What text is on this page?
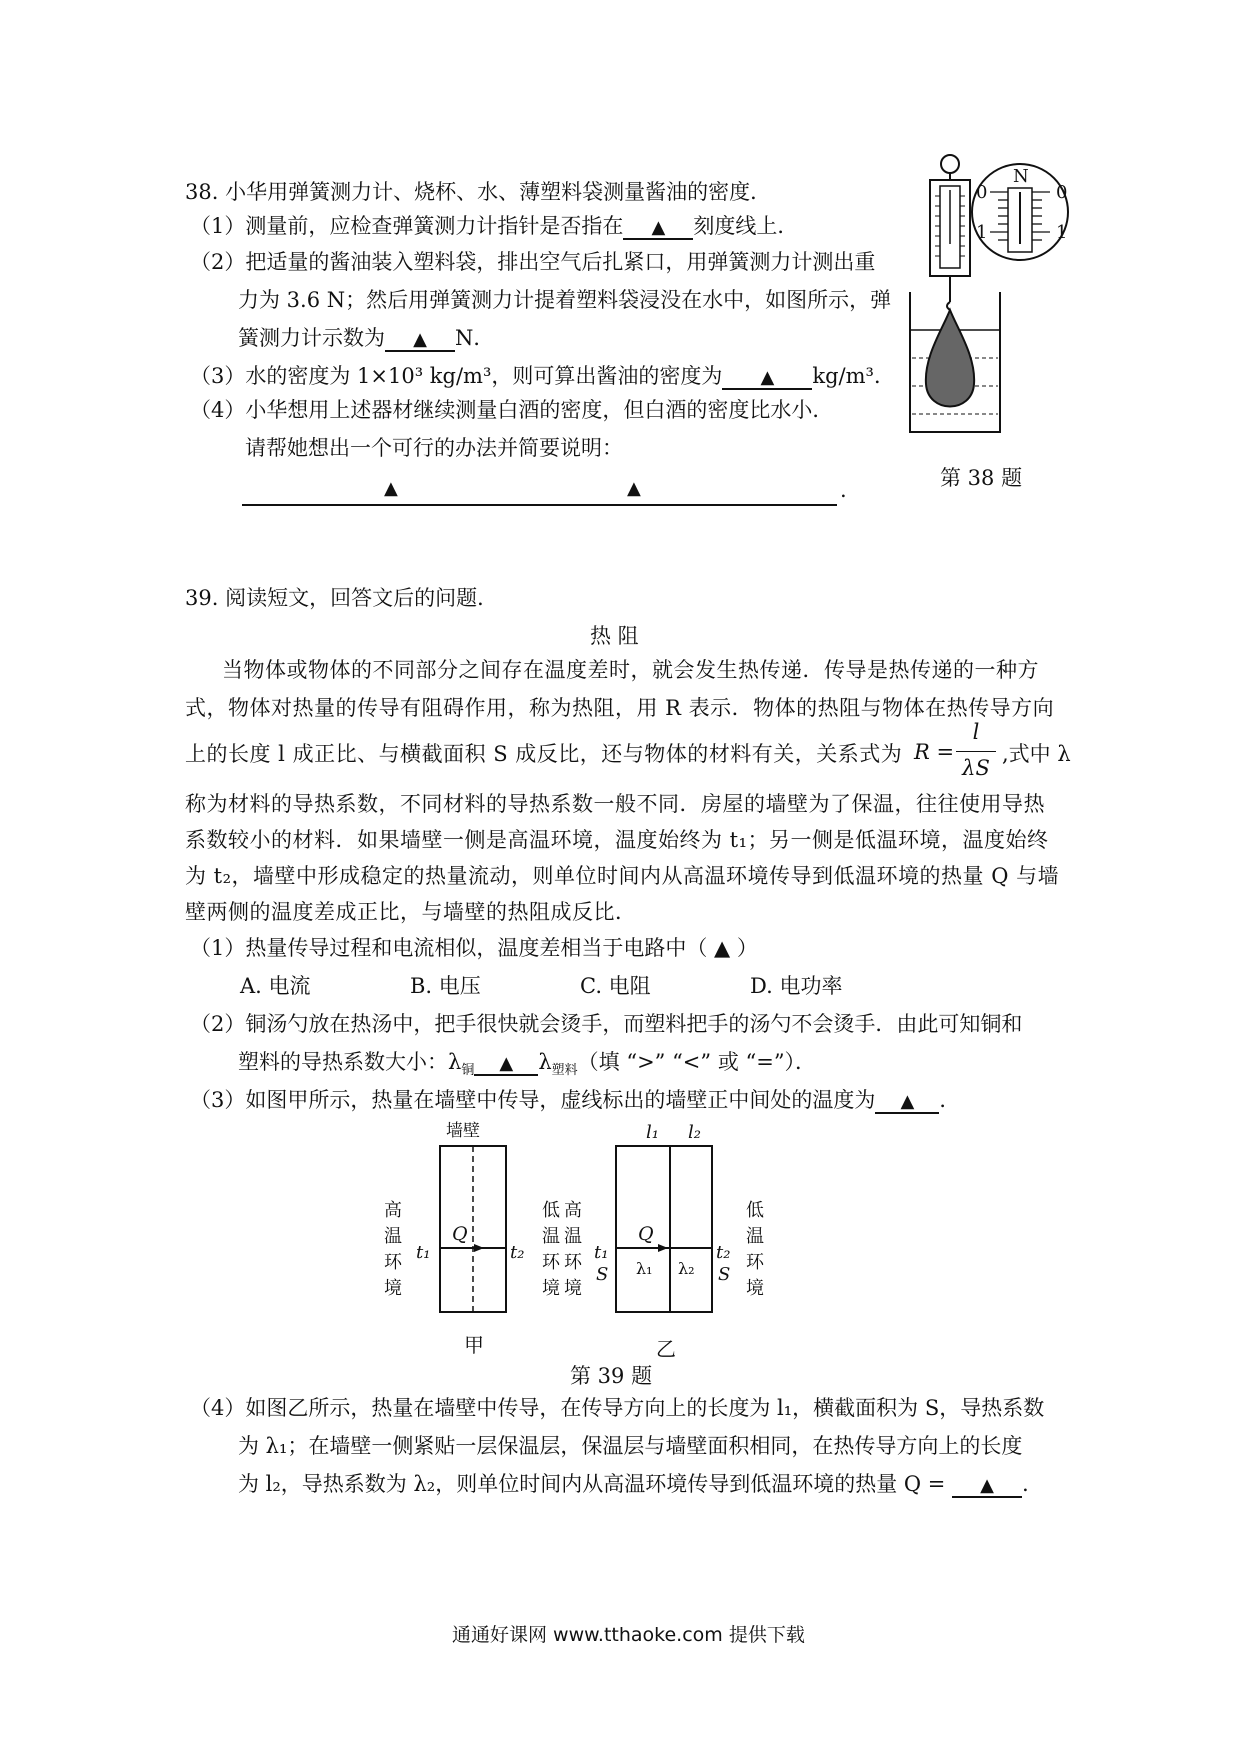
38. 小华用弹簧测力计、烧杯、水、薄塑料袋测量酱油的密度．
（1）测量前，应检查弹簧测力计指针是否指在 ▲ 刻度线上．
（2）把适量的酱油装入塑料袋，排出空气后扎紧口，用弹簧测力计测出重
力为 3.6 N；然后用弹簧测力计提着塑料袋浸没在水中，如图所示，弹
簧测力计示数为 ▲ N．
（3）水的密度为 1×10³ kg/m³，则可算出酱油的密度为 ▲ kg/m³．
（4）小华想用上述器材继续测量白酒的密度，但白酒的密度比水小．
请帮她想出一个可行的办法并简要说明：
▲	▲	.
N
0	0
1	1
第 38 题
39. 阅读短文，回答文后的问题．
热 阻
当物体或物体的不同部分之间存在温度差时，就会发生热传递．传导是热传递的一种方
式，物体对热量的传导有阻碍作用，称为热阻，用 R 表示．物体的热阻与物体在热传导方向
上的长度 l 成正比、与横截面积 S 成反比，还与物体的材料有关，关系式为 R =
l
λS
,式中 λ
称为材料的导热系数，不同材料的导热系数一般不同．房屋的墙壁为了保温，往往使用导热
系数较小的材料．如果墙壁一侧是高温环境，温度始终为 t₁；另一侧是低温环境，温度始终
为 t₂，墙壁中形成稳定的热量流动，则单位时间内从高温环境传导到低温环境的热量 Q 与墙
壁两侧的温度差成正比，与墙壁的热阻成反比．
（1）热量传导过程和电流相似，温度差相当于电路中（ ▲ ）
A. 电流	B. 电压	C. 电阻	D. 电功率
（2）铜汤勺放在热汤中，把手很快就会烫手，而塑料把手的汤勺不会烫手．由此可知铜和
塑料的导热系数大小：$\lambda_铜$ ▲ $\lambda_{塑料}$（填 “>” “<” 或 “=”）．
（3）如图甲所示，热量在墙壁中传导，虚线标出的墙壁正中间处的温度为 ▲ ．
墙壁
Q
t₁	t₂
高
温
环
境
低
温
环
境
甲
l₁ l₂
Q
λ₁ λ₂
t₁
S
t₂
S
高
温
环
境
低
温
环
境
乙
第 39 题
（4）如图乙所示，热量在墙壁中传导，在传导方向上的长度为 l₁，横截面积为 S，导热系数
为 λ₁；在墙壁一侧紧贴一层保温层，保温层与墙壁面积相同，在热传导方向上的长度
为 l₂，导热系数为 λ₂，则单位时间内从高温环境传导到低温环境的热量 Q = ▲ ．
通通好课网 www.tthaoke.com 提供下载
